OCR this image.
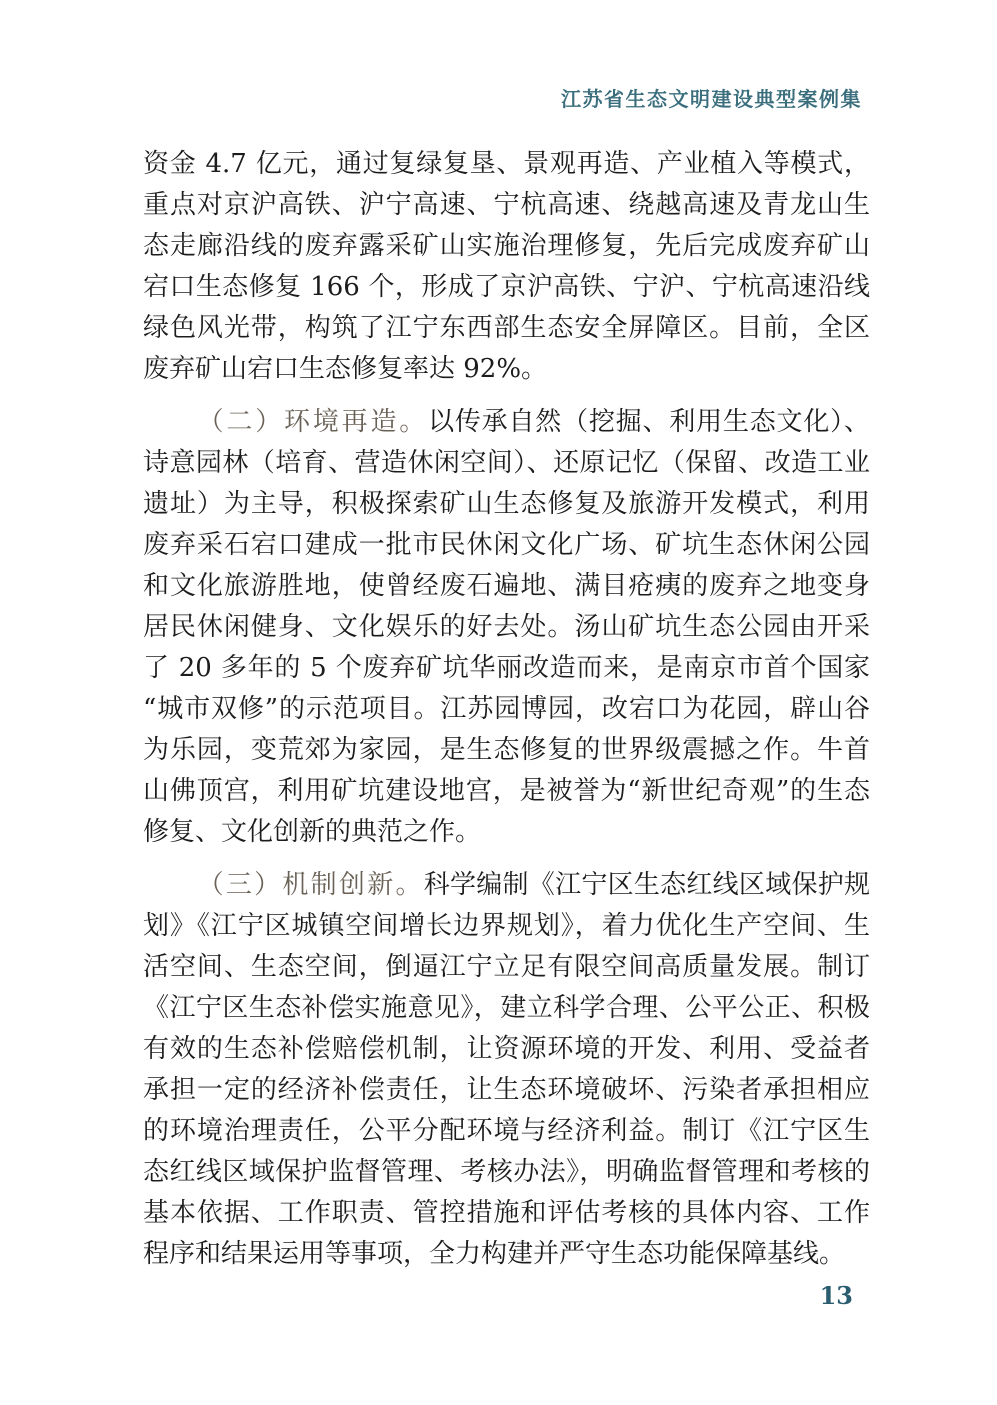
江苏省生态文明建设典型案例集

资金 4.7 亿元，通过复绿复垦、景观再造、产业植入等模式，重点对京沪高铁、沪宁高速、宁杭高速、绕越高速及青龙山生态走廊沿线的废弃露采矿山实施治理修复，先后完成废弃矿山宕口生态修复 166 个，形成了京沪高铁、宁沪、宁杭高速沿线绿色风光带，构筑了江宁东西部生态安全屏障区。目前，全区废弃矿山宕口生态修复率达 92%。

（二）环境再造。以传承自然（挖掘、利用生态文化）、诗意园林（培育、营造休闲空间）、还原记忆（保留、改造工业遗址）为主导，积极探索矿山生态修复及旅游开发模式，利用废弃采石宕口建成一批市民休闲文化广场、矿坑生态休闲公园和文化旅游胜地，使曾经废石遍地、满目疮痍的废弃之地变身居民休闲健身、文化娱乐的好去处。汤山矿坑生态公园由开采了 20 多年的 5 个废弃矿坑华丽改造而来，是南京市首个国家“城市双修”的示范项目。江苏园博园，改宕口为花园，辟山谷为乐园，变荒郊为家园，是生态修复的世界级震撼之作。牛首山佛顶宫，利用矿坑建设地宫，是被誉为“新世纪奇观”的生态修复、文化创新的典范之作。

（三）机制创新。科学编制《江宁区生态红线区域保护规划》《江宁区城镇空间增长边界规划》，着力优化生产空间、生活空间、生态空间，倒逼江宁立足有限空间高质量发展。制订《江宁区生态补偿实施意见》，建立科学合理、公平公正、积极有效的生态补偿赔偿机制，让资源环境的开发、利用、受益者承担一定的经济补偿责任，让生态环境破坏、污染者承担相应的环境治理责任，公平分配环境与经济利益。制订《江宁区生态红线区域保护监督管理、考核办法》，明确监督管理和考核的基本依据、工作职责、管控措施和评估考核的具体内容、工作程序和结果运用等事项，全力构建并严守生态功能保障基线。

13
